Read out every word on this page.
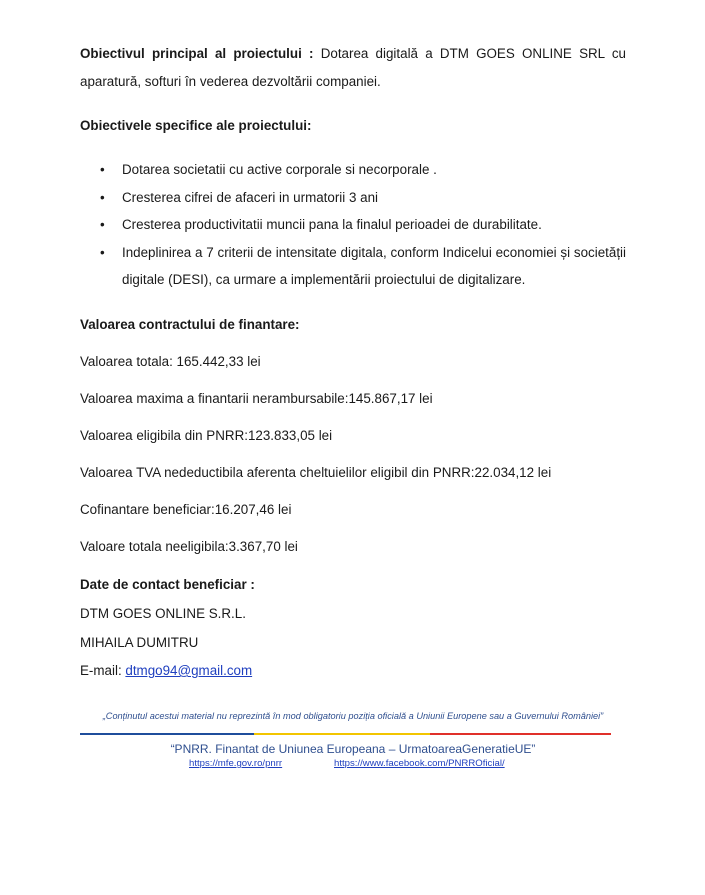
Obiectivul principal al proiectului : Dotarea digitală a DTM GOES ONLINE SRL cu aparatură, softuri în vederea dezvoltării companiei.
Obiectivele specifice ale proiectului:
• Dotarea societatii cu active corporale si necorporale .
• Cresterea cifrei de afaceri in urmatorii 3 ani
• Cresterea productivitatii muncii pana la finalul perioadei de durabilitate.
• Indeplinirea a 7 criterii de intensitate digitala, conform Indicelui economiei și societății digitale (DESI), ca urmare a implementării proiectului de digitalizare.
Valoarea contractului de finantare:
Valoarea totala: 165.442,33 lei
Valoarea maxima a finantarii nerambursabile:145.867,17 lei
Valoarea eligibila din PNRR:123.833,05 lei
Valoarea TVA nedeductibila aferenta cheltuielilor eligibil din PNRR:22.034,12 lei
Cofinantare beneficiar:16.207,46 lei
Valoare totala neeligibila:3.367,70 lei
Date de contact beneficiar :
DTM GOES ONLINE S.R.L.
MIHAILA DUMITRU
E-mail: dtmgo94@gmail.com
„Conținutul acestui material nu reprezintă în mod obligatoriu poziția oficială a Uniunii Europene sau a Guvernului României”
“PNRR. Finantat de Uniunea Europeana – UrmatoareaGeneratieUE”
https://mfe.gov.ro/pnrr	https://www.facebook.com/PNRROficial/
